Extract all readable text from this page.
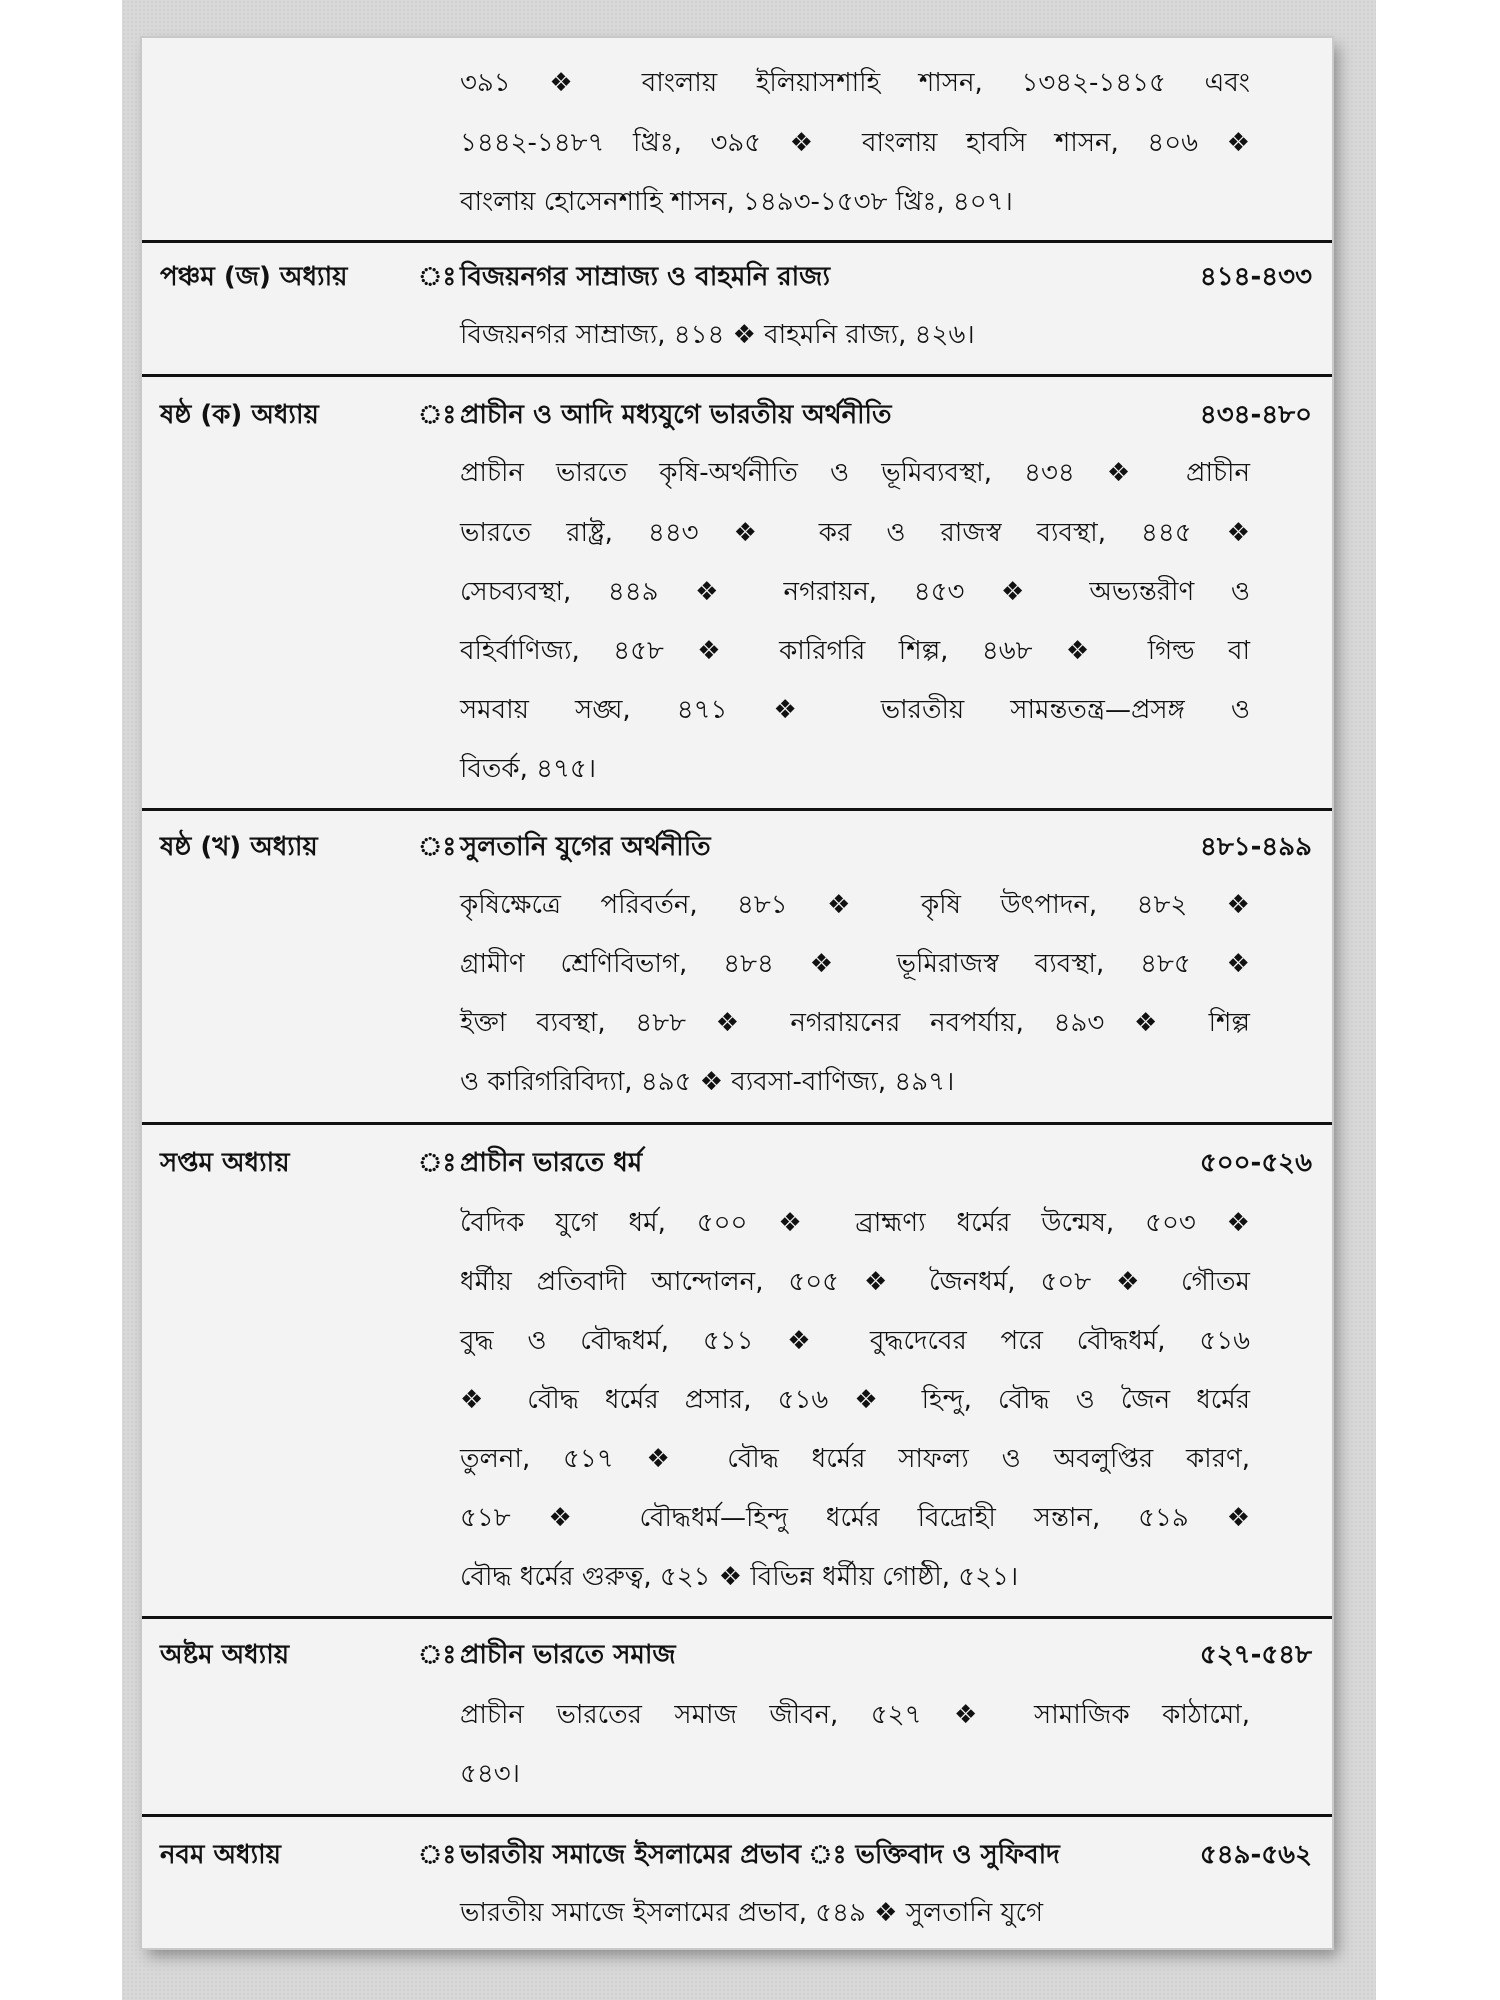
৩৯১ ❖ বাংলায় ইলিয়াসশাহি শাসন, ১৩৪২-১৪১৫ এবং
১৪৪২-১৪৮৭ খ্রিঃ, ৩৯৫ ❖ বাংলায় হাবসি শাসন, ৪০৬ ❖
বাংলায় হোসেনশাহি শাসন, ১৪৯৩-১৫৩৮ খ্রিঃ, ৪০৭।
পঞ্চম (জ) অধ্যায়	ঃ বিজয়নগর সাম্রাজ্য ও বাহমনি রাজ্য	৪১৪-৪৩৩
বিজয়নগর সাম্রাজ্য, ৪১৪ ❖ বাহমনি রাজ্য, ৪২৬।
ষষ্ঠ (ক) অধ্যায়	ঃ প্রাচীন ও আদি মধ্যযুগে ভারতীয় অর্থনীতি	৪৩৪-৪৮০
প্রাচীন ভারতে কৃষি-অর্থনীতি ও ভূমিব্যবস্থা, ৪৩৪ ❖ প্রাচীন
ভারতে রাষ্ট্র, ৪৪৩ ❖ কর ও রাজস্ব ব্যবস্থা, ৪৪৫ ❖
সেচব্যবস্থা, ৪৪৯ ❖ নগরায়ন, ৪৫৩ ❖ অভ্যন্তরীণ ও
বহির্বাণিজ্য, ৪৫৮ ❖ কারিগরি শিল্প, ৪৬৮ ❖ গিল্ড বা
সমবায় সঙ্ঘ, ৪৭১ ❖ ভারতীয় সামন্ততন্ত্র—প্রসঙ্গ ও
বিতর্ক, ৪৭৫।
ষষ্ঠ (খ) অধ্যায়	ঃ সুলতানি যুগের অর্থনীতি	৪৮১-৪৯৯
কৃষিক্ষেত্রে পরিবর্তন, ৪৮১ ❖ কৃষি উৎপাদন, ৪৮২ ❖
গ্রামীণ শ্রেণিবিভাগ, ৪৮৪ ❖ ভূমিরাজস্ব ব্যবস্থা, ৪৮৫ ❖
ইক্তা ব্যবস্থা, ৪৮৮ ❖ নগরায়নের নবপর্যায়, ৪৯৩ ❖ শিল্প
ও কারিগরিবিদ্যা, ৪৯৫ ❖ ব্যবসা-বাণিজ্য, ৪৯৭।
সপ্তম অধ্যায়	ঃ প্রাচীন ভারতে ধর্ম	৫০০-৫২৬
বৈদিক যুগে ধর্ম, ৫০০ ❖ ব্রাহ্মণ্য ধর্মের উন্মেষ, ৫০৩ ❖
ধর্মীয় প্রতিবাদী আন্দোলন, ৫০৫ ❖ জৈনধর্ম, ৫০৮ ❖ গৌতম
বুদ্ধ ও বৌদ্ধধর্ম, ৫১১ ❖ বুদ্ধদেবের পরে বৌদ্ধধর্ম, ৫১৬
❖ বৌদ্ধ ধর্মের প্রসার, ৫১৬ ❖ হিন্দু, বৌদ্ধ ও জৈন ধর্মের
তুলনা, ৫১৭ ❖ বৌদ্ধ ধর্মের সাফল্য ও অবলুপ্তির কারণ,
৫১৮ ❖ বৌদ্ধধর্ম—হিন্দু ধর্মের বিদ্রোহী সন্তান, ৫১৯ ❖
বৌদ্ধ ধর্মের গুরুত্ব, ৫২১ ❖ বিভিন্ন ধর্মীয় গোষ্ঠী, ৫২১।
অষ্টম অধ্যায়	ঃ প্রাচীন ভারতে সমাজ	৫২৭-৫৪৮
প্রাচীন ভারতের সমাজ জীবন, ৫২৭ ❖ সামাজিক কাঠামো,
৫৪৩।
নবম অধ্যায়	ঃ ভারতীয় সমাজে ইসলামের প্রভাব ঃ ভক্তিবাদ ও সুফিবাদ	৫৪৯-৫৬২
ভারতীয় সমাজে ইসলামের প্রভাব, ৫৪৯ ❖ সুলতানি যুগে
